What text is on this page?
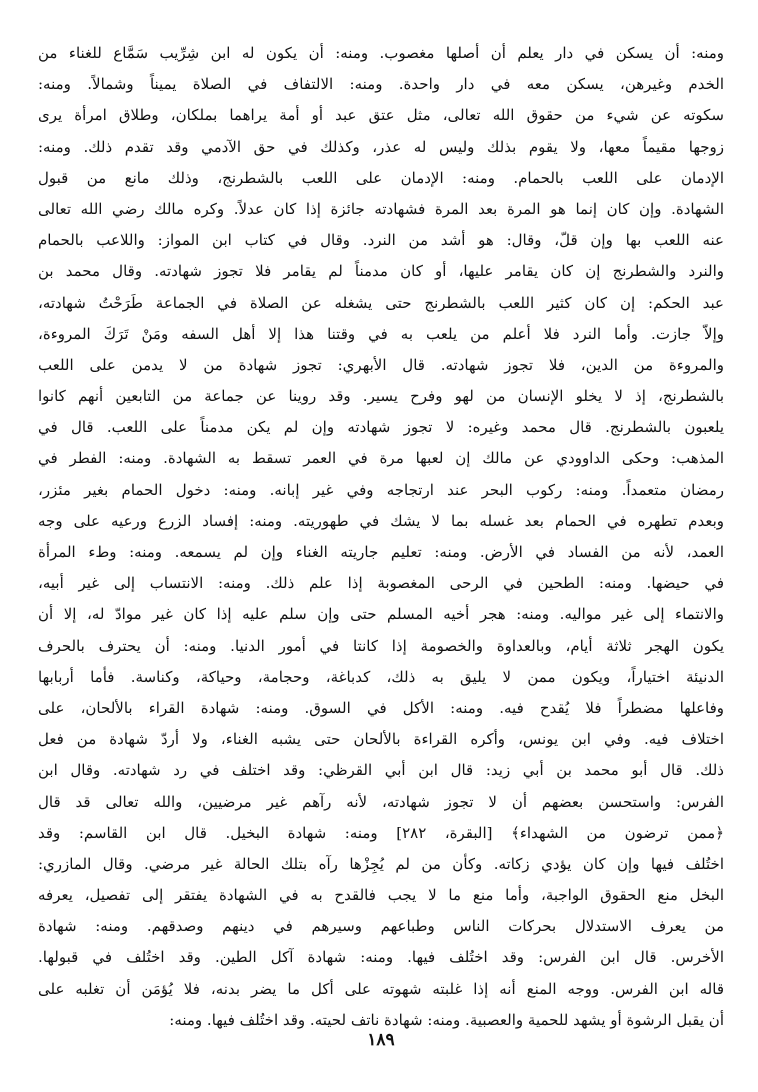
ومنه: أن يسكن في دار يعلم أن أصلها مغصوب. ومنه: أن يكون له ابن شِرِّيب سَمَّاع للغناء من
الخدم وغيرهن، يسكن معه في دار واحدة. ومنه: الالتفاف في الصلاة يميناً وشمالاً. ومنه:
سكوته عن شيء من حقوق الله تعالى، مثل عتق عبد أو أمة يراهما بملكان، وطلاق امرأة يرى
زوجها مقيماً معها، ولا يقوم بذلك وليس له عذر، وكذلك في حق الآدمي وقد تقدم ذلك. ومنه:
الإدمان على اللعب بالحمام. ومنه: الإدمان على اللعب بالشطرنج، وذلك مانع من قبول
الشهادة. وإن كان إنما هو المرة بعد المرة فشهادته جائزة إذا كان عدلاً. وكره مالك رضي الله تعالى
عنه اللعب بها وإن قلّ، وقال: هو أشد من النرد. وقال في كتاب ابن المواز: واللاعب بالحمام
والنرد والشطرنج إن كان يقامر عليها، أو كان مدمناً لم يقامر فلا تجوز شهادته. وقال محمد بن
عبد الحكم: إن كان كثير اللعب بالشطرنج حتى يشغله عن الصلاة في الجماعة طَرَحْتُ شهادته،
وإلاّ جازت. وأما النرد فلا أعلم من يلعب به في وقتنا هذا إلا أهل السفه ومَنْ تَرَكَ المروءة،
والمروءة من الدين، فلا تجوز شهادته. قال الأبهري: تجوز شهادة من لا يدمن على اللعب
بالشطرنج، إذ لا يخلو الإنسان من لهو وفرح يسير. وقد روينا عن جماعة من التابعين أنهم كانوا
يلعبون بالشطرنج. قال محمد وغيره: لا تجوز شهادته وإن لم يكن مدمناً على اللعب. قال في
المذهب: وحكى الداوودي عن مالك إن لعبها مرة في العمر تسقط به الشهادة. ومنه: الفطر في
رمضان متعمداً. ومنه: ركوب البحر عند ارتجاجه وفي غير إبانه. ومنه: دخول الحمام بغير مئزر،
وبعدم تطهره في الحمام بعد غسله بما لا يشك في طهوريته. ومنه: إفساد الزرع ورعيه على وجه
العمد، لأنه من الفساد في الأرض. ومنه: تعليم جاريته الغناء وإن لم يسمعه. ومنه: وطء المرأة
في حيضها. ومنه: الطحين في الرحى المغصوبة إذا علم ذلك. ومنه: الانتساب إلى غير أبيه،
والانتماء إلى غير مواليه. ومنه: هجر أخيه المسلم حتى وإن سلم عليه إذا كان غير موادّ له، إلا أن
يكون الهجر ثلاثة أيام، وبالعداوة والخصومة إذا كانتا في أمور الدنيا. ومنه: أن يحترف بالحرف
الدنيئة اختياراً، ويكون ممن لا يليق به ذلك، كدباغة، وحجامة، وحياكة، وكناسة. فأما أربابها
وفاعلها مضطراً فلا يُقدح فيه. ومنه: الأكل في السوق. ومنه: شهادة القراء بالألحان، على
اختلاف فيه. وفي ابن يونس، وأكره القراءة بالألحان حتى يشبه الغناء، ولا أردّ شهادة من فعل
ذلك. قال أبو محمد بن أبي زيد: قال ابن أبي القرظي: وقد اختلف في رد شهادته. وقال ابن
الفرس: واستحسن بعضهم أن لا تجوز شهادته، لأنه رآهم غير مرضيين، والله تعالى قد قال
﴿ممن ترضون من الشهداء﴾ [البقرة، ٢٨٢] ومنه: شهادة البخيل. قال ابن القاسم: وقد
اختُلف فيها وإن كان يؤدي زكاته. وكأن من لم يُجِزْها رآه بتلك الحالة غير مرضي. وقال المازري:
البخل منع الحقوق الواجبة، وأما منع ما لا يجب فالقدح به في الشهادة يفتقر إلى تفصيل، يعرفه
من يعرف الاستدلال بحركات الناس وطباعهم وسيرهم في دينهم وصدقهم. ومنه: شهادة
الأخرس. قال ابن الفرس: وقد اختُلف فيها. ومنه: شهادة آكل الطين. وقد اختُلف في قبولها.
قاله ابن الفرس. ووجه المنع أنه إذا غلبته شهوته على أكل ما يضر بدنه، فلا يُؤمَن أن تغلبه على
أن يقبل الرشوة أو يشهد للحمية والعصبية. ومنه: شهادة ناتف لحيته. وقد اختُلف فيها. ومنه:
١٨٩
